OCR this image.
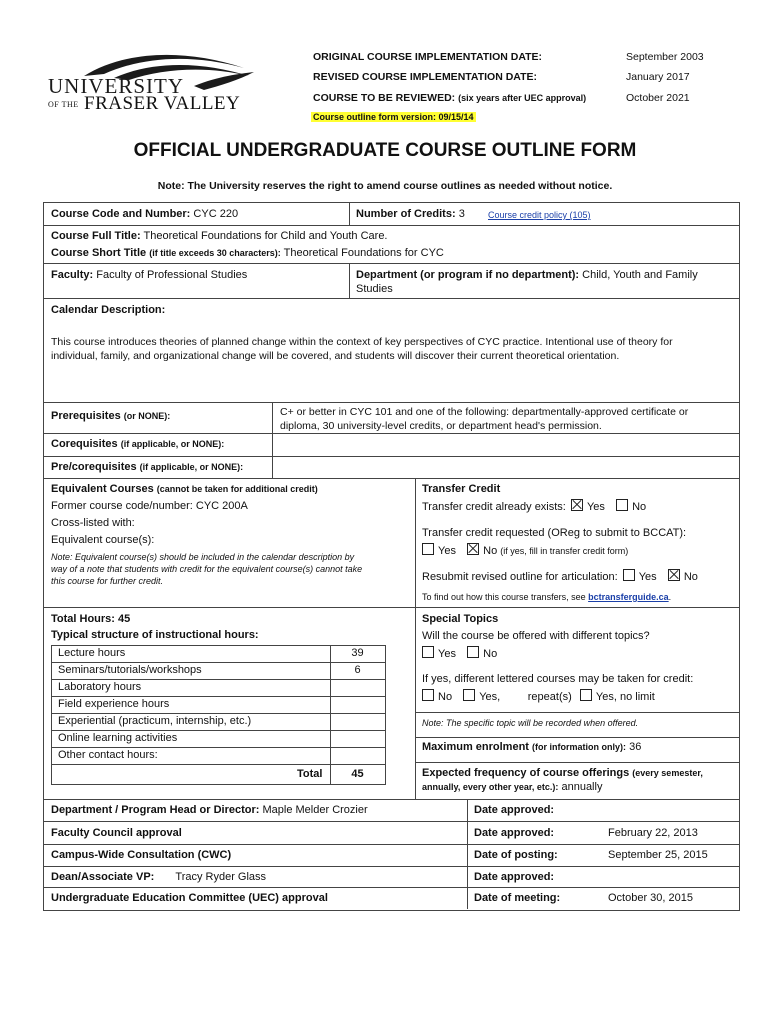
UNIVERSITY
OF THE FRASER VALLEY
ORIGINAL COURSE IMPLEMENTATION DATE:	September 2003
REVISED COURSE IMPLEMENTATION DATE:	January 2017
COURSE TO BE REVIEWED: (six years after UEC approval)	October 2021
Course outline form version: 09/15/14
OFFICIAL UNDERGRADUATE COURSE OUTLINE FORM
Note: The University reserves the right to amend course outlines as needed without notice.
Course Code and Number: CYC 220	Number of Credits: 3	Course credit policy (105)
Course Full Title: Theoretical Foundations for Child and Youth Care.
Course Short Title (if title exceeds 30 characters): Theoretical Foundations for CYC
Faculty: Faculty of Professional Studies	Department (or program if no department): Child, Youth and Family
Studies
Calendar Description:
This course introduces theories of planned change within the context of key perspectives of CYC practice. Intentional use of theory for
individual, family, and organizational change will be covered, and students will discover their current theoretical orientation.
Prerequisites (or NONE):	C+ or better in CYC 101 and one of the following: departmentally-approved certificate or
diploma, 30 university-level credits, or department head's permission.
Corequisites (if applicable, or NONE):
Pre/corequisites (if applicable, or NONE):
Equivalent Courses (cannot be taken for additional credit)
Former course code/number: CYC 200A
Cross-listed with:
Equivalent course(s):
Note: Equivalent course(s) should be included in the calendar description by
way of a note that students with credit for the equivalent course(s) cannot take
this course for further credit.
Transfer Credit
Transfer credit already exists: Yes No
Transfer credit requested (OReg to submit to BCCAT):
Yes No (if yes, fill in transfer credit form)
Resubmit revised outline for articulation: Yes No
To find out how this course transfers, see bctransferguide.ca.
Total Hours: 45
Typical structure of instructional hours:
Lecture hours	39
Seminars/tutorials/workshops	6
Laboratory hours
Field experience hours
Experiential (practicum, internship, etc.)
Online learning activities
Other contact hours:
Total	45
Special Topics
Will the course be offered with different topics?
Yes No
If yes, different lettered courses may be taken for credit:
No Yes,	repeat(s) Yes, no limit
Note: The specific topic will be recorded when offered.
Maximum enrolment (for information only): 36
Expected frequency of course offerings (every semester,
annually, every other year, etc.): annually
Department / Program Head or Director: Maple Melder Crozier	Date approved:
Faculty Council approval	Date approved:	February 22, 2013
Campus-Wide Consultation (CWC)	Date of posting:	September 25, 2015
Dean/Associate VP: Tracy Ryder Glass	Date approved:
Undergraduate Education Committee (UEC) approval	Date of meeting:	October 30, 2015
